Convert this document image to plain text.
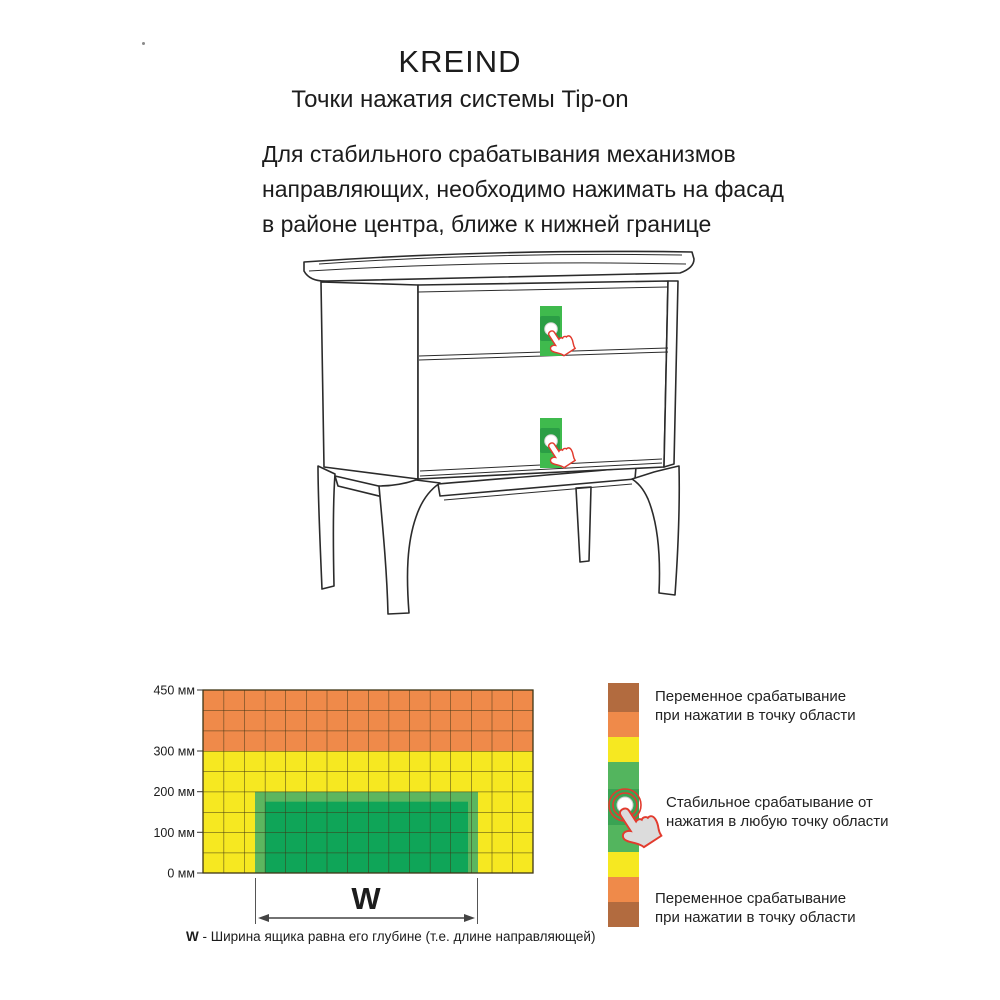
KREIND
Точки нажатия системы Tip-on
Для стабильного срабатывания механизмов
направляющих, необходимо нажимать на фасад
в районе центра, ближе к нижней границе
450 мм
300 мм
200 мм
100 мм
0 мм
W
W - Ширина ящика равна его глубине (т.е. длине направляющей)
Переменное срабатывание
при нажатии в точку области
Стабильное срабатывание от
нажатия в любую точку области
Переменное срабатывание
при нажатии в точку области
